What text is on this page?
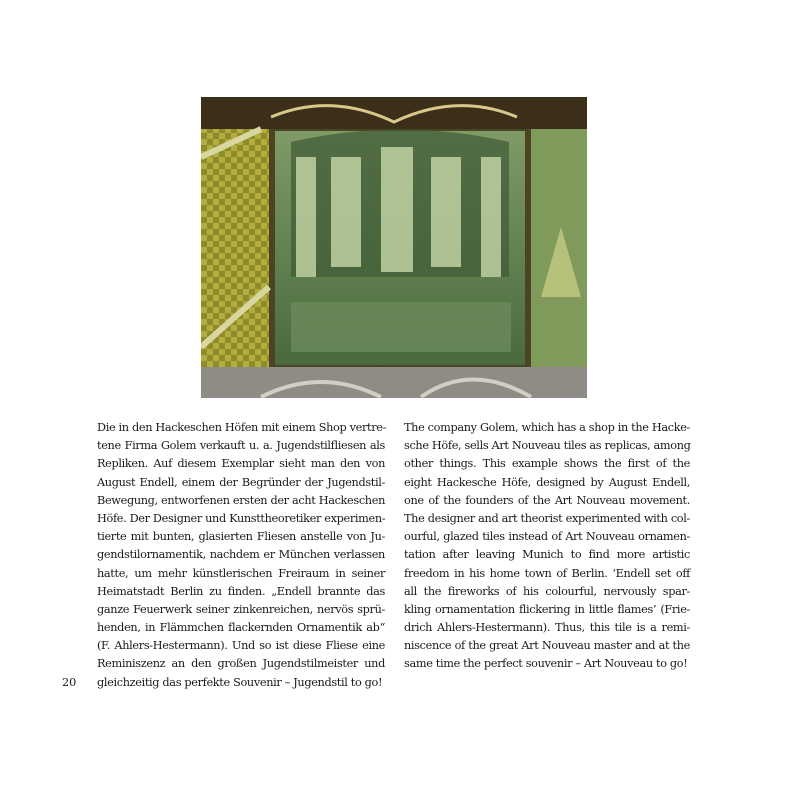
Die in den Hackeschen Höfen mit einem Shop vertre-
tene Firma Golem verkauft u. a. Jugendstilfliesen als
Repliken. Auf diesem Exemplar sieht man den von
August Endell, einem der Begründer der Jugendstil-
Bewegung, entworfenen ersten der acht Hackeschen
Höfe. Der Designer und Kunsttheoretiker experimen-
tierte mit bunten, glasierten Fliesen anstelle von Ju-
gendstilornamentik, nachdem er München verlassen
hatte, um mehr künstlerischen Freiraum in seiner
Heimatstadt Berlin zu finden. „Endell brannte das
ganze Feuerwerk seiner zinkenreichen, nervös sprü-
henden, in Flämmchen flackernden Ornamentik ab“
(F. Ahlers-Hestermann). Und so ist diese Fliese eine
Reminiszenz an den großen Jugendstilmeister und
gleichzeitig das perfekte Souvenir – Jugendstil to go!
The company Golem, which has a shop in the Hacke-
sche Höfe, sells Art Nouveau tiles as replicas, among
other things. This example shows the first of the
eight Hackesche Höfe, designed by August Endell,
one of the founders of the Art Nouveau movement.
The designer and art theorist experimented with col-
ourful, glazed tiles instead of Art Nouveau ornamen-
tation after leaving Munich to find more artistic
freedom in his home town of Berlin. ‘Endell set off
all the fireworks of his colourful, nervously spar-
kling ornamentation flickering in little flames’ (Frie-
drich Ahlers-Hestermann). Thus, this tile is a remi-
niscence of the great Art Nouveau master and at the
same time the perfect souvenir – Art Nouveau to go!
20
